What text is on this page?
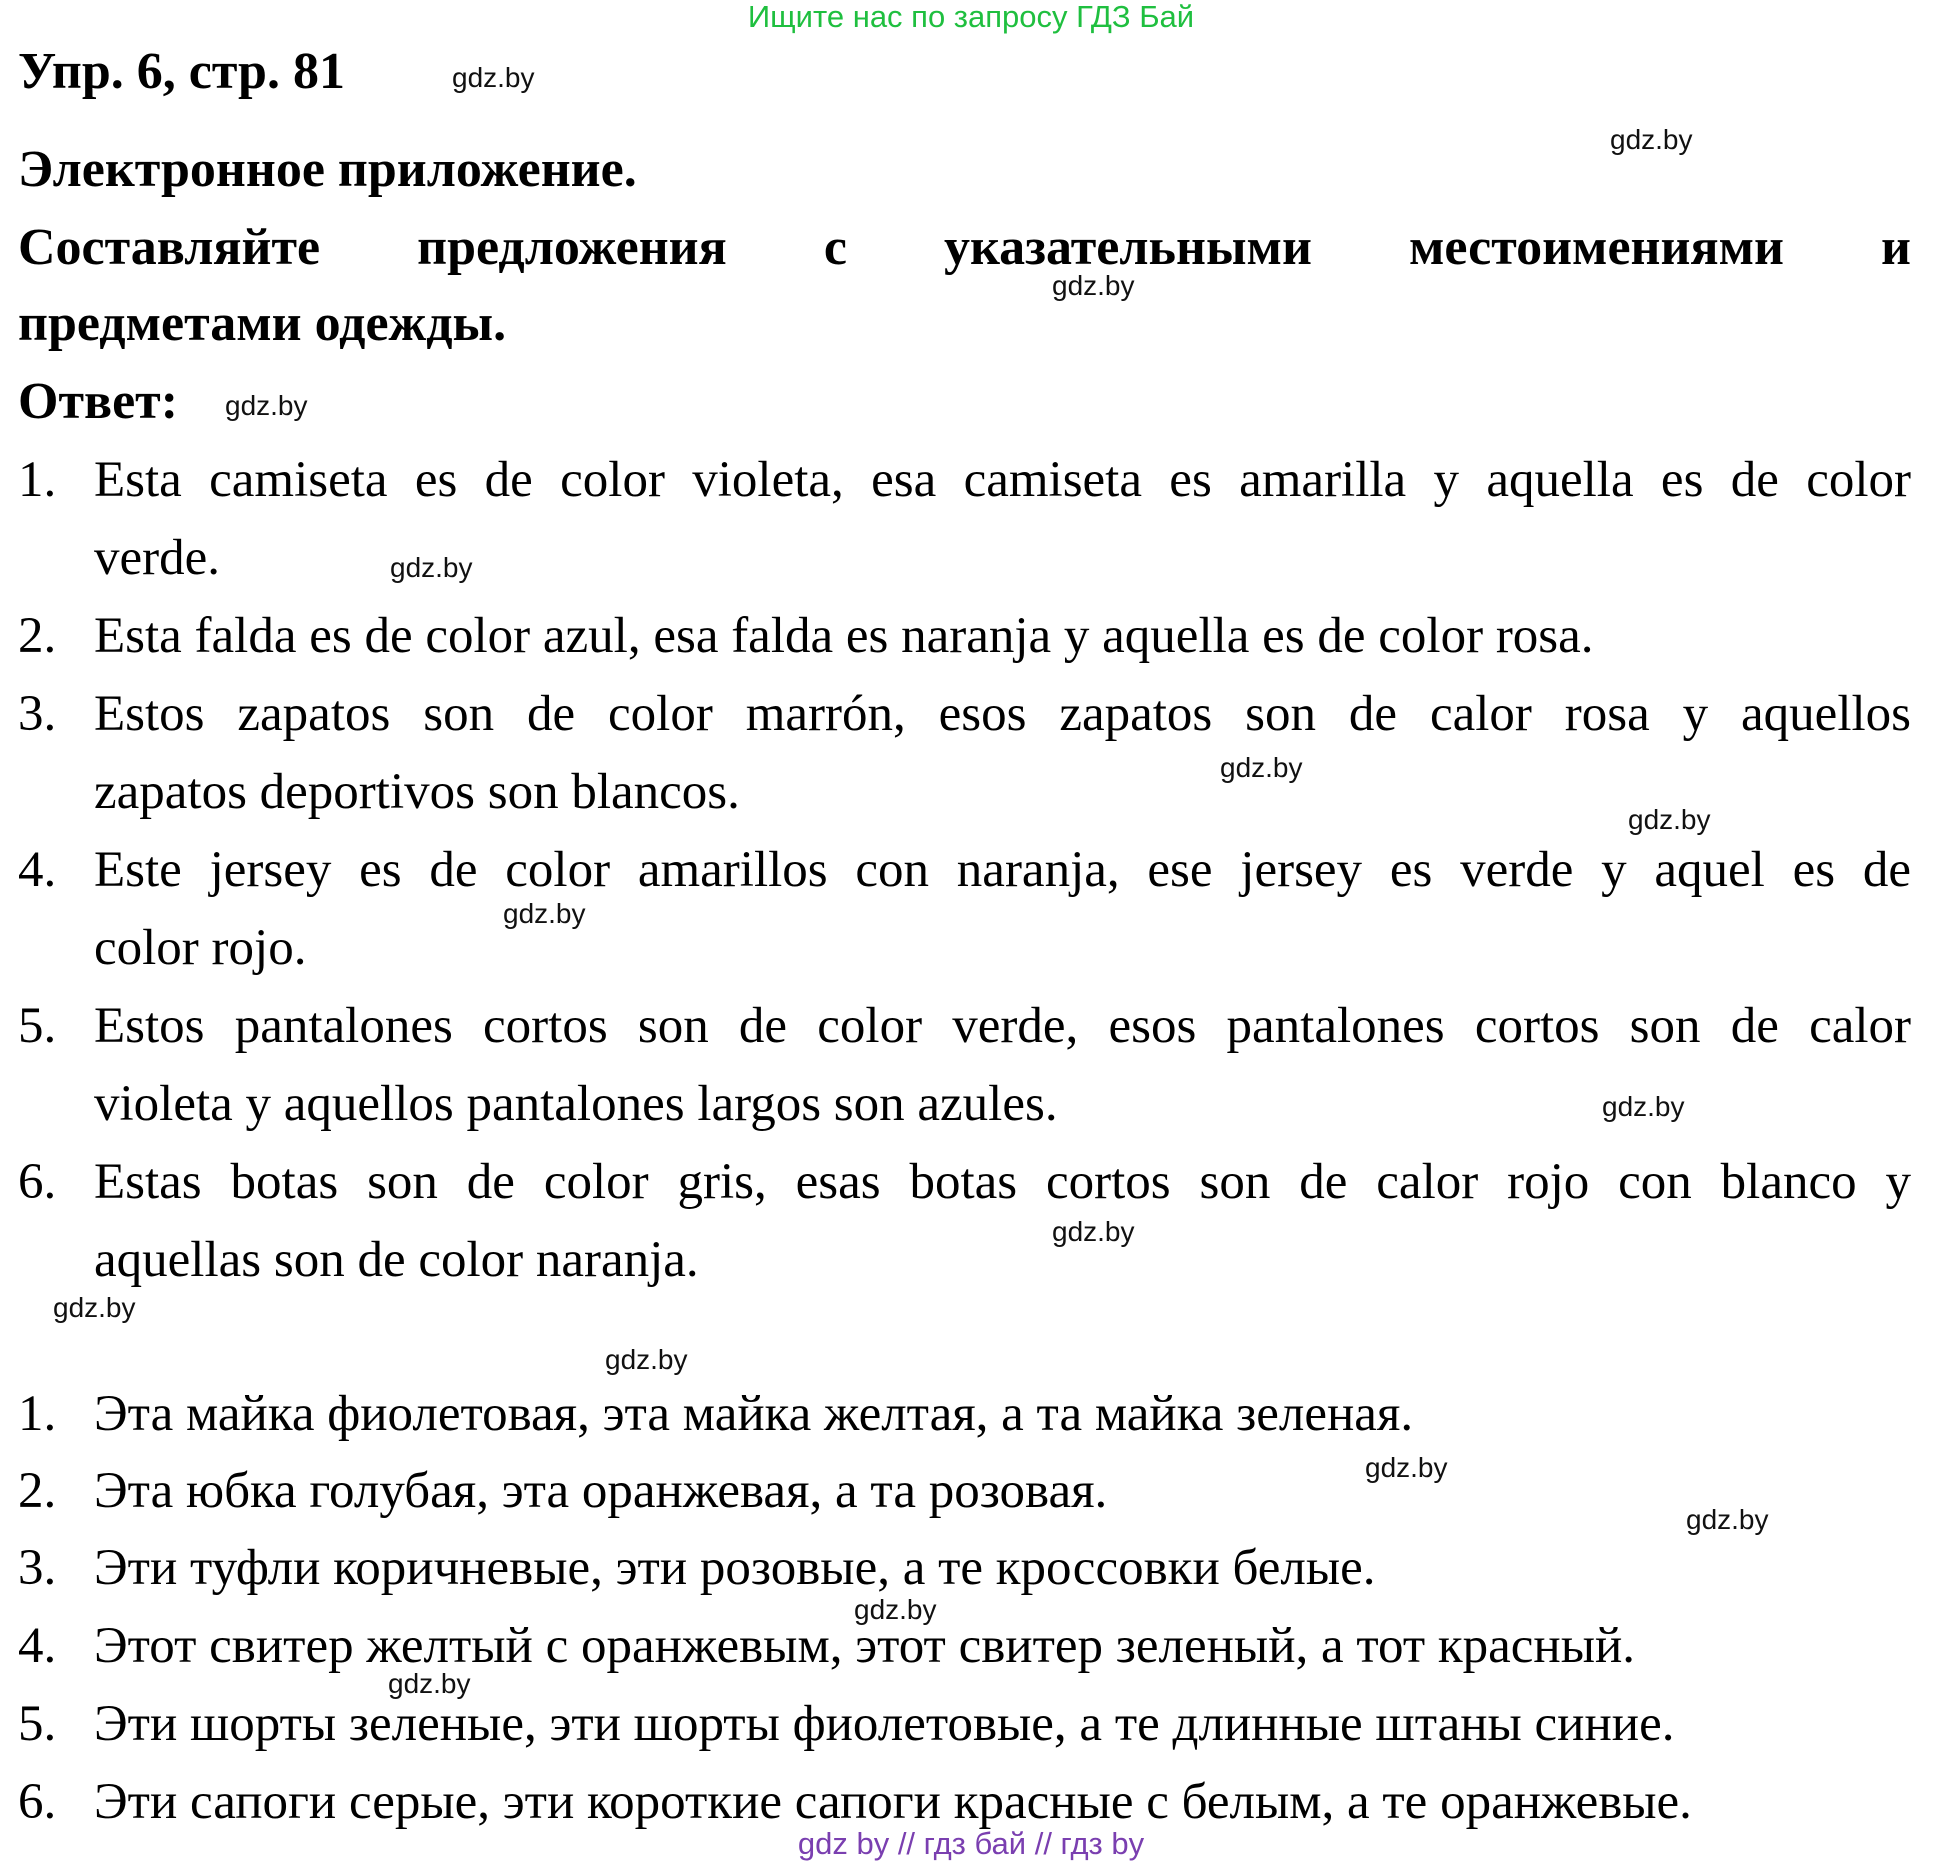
Ищите нас по запросу ГДЗ Бай
Упр. 6, стр. 81
Электронное приложение.
Составляйте предложения с указательными местоимениями и
предметами одежды.
Ответ:
1. Esta camiseta es de color violeta, esa camiseta es amarilla y aquella es de color
verde.
2. Esta falda es de color azul, esa falda es naranja y aquella es de color rosa.
3. Estos zapatos son de color marrón, esos zapatos son de calor rosa y aquellos
zapatos deportivos son blancos.
4. Este jersey es de color amarillos con naranja, ese jersey es verde y aquel es de
color rojo.
5. Estos pantalones cortos son de color verde, esos pantalones cortos son de calor
violeta y aquellos pantalones largos son azules.
6. Estas botas son de color gris, esas botas cortos son de calor rojo con blanco y
aquellas son de color naranja.
1. Эта майка фиолетовая, эта майка желтая, а та майка зеленая.
2. Эта юбка голубая, эта оранжевая, а та розовая.
3. Эти туфли коричневые, эти розовые, а те кроссовки белые.
4. Этот свитер желтый с оранжевым, этот свитер зеленый, а тот красный.
5. Эти шорты зеленые, эти шорты фиолетовые, а те длинные штаны синие.
6. Эти сапоги серые, эти короткие сапоги красные с белым, а те оранжевые.
gdz.by
gdz.by
gdz.by
gdz.by
gdz.by
gdz.by
gdz.by
gdz.by
gdz.by
gdz.by
gdz.by
gdz.by
gdz.by
gdz.by
gdz.by
gdz.by
gdz by // гдз бай // гдз by
